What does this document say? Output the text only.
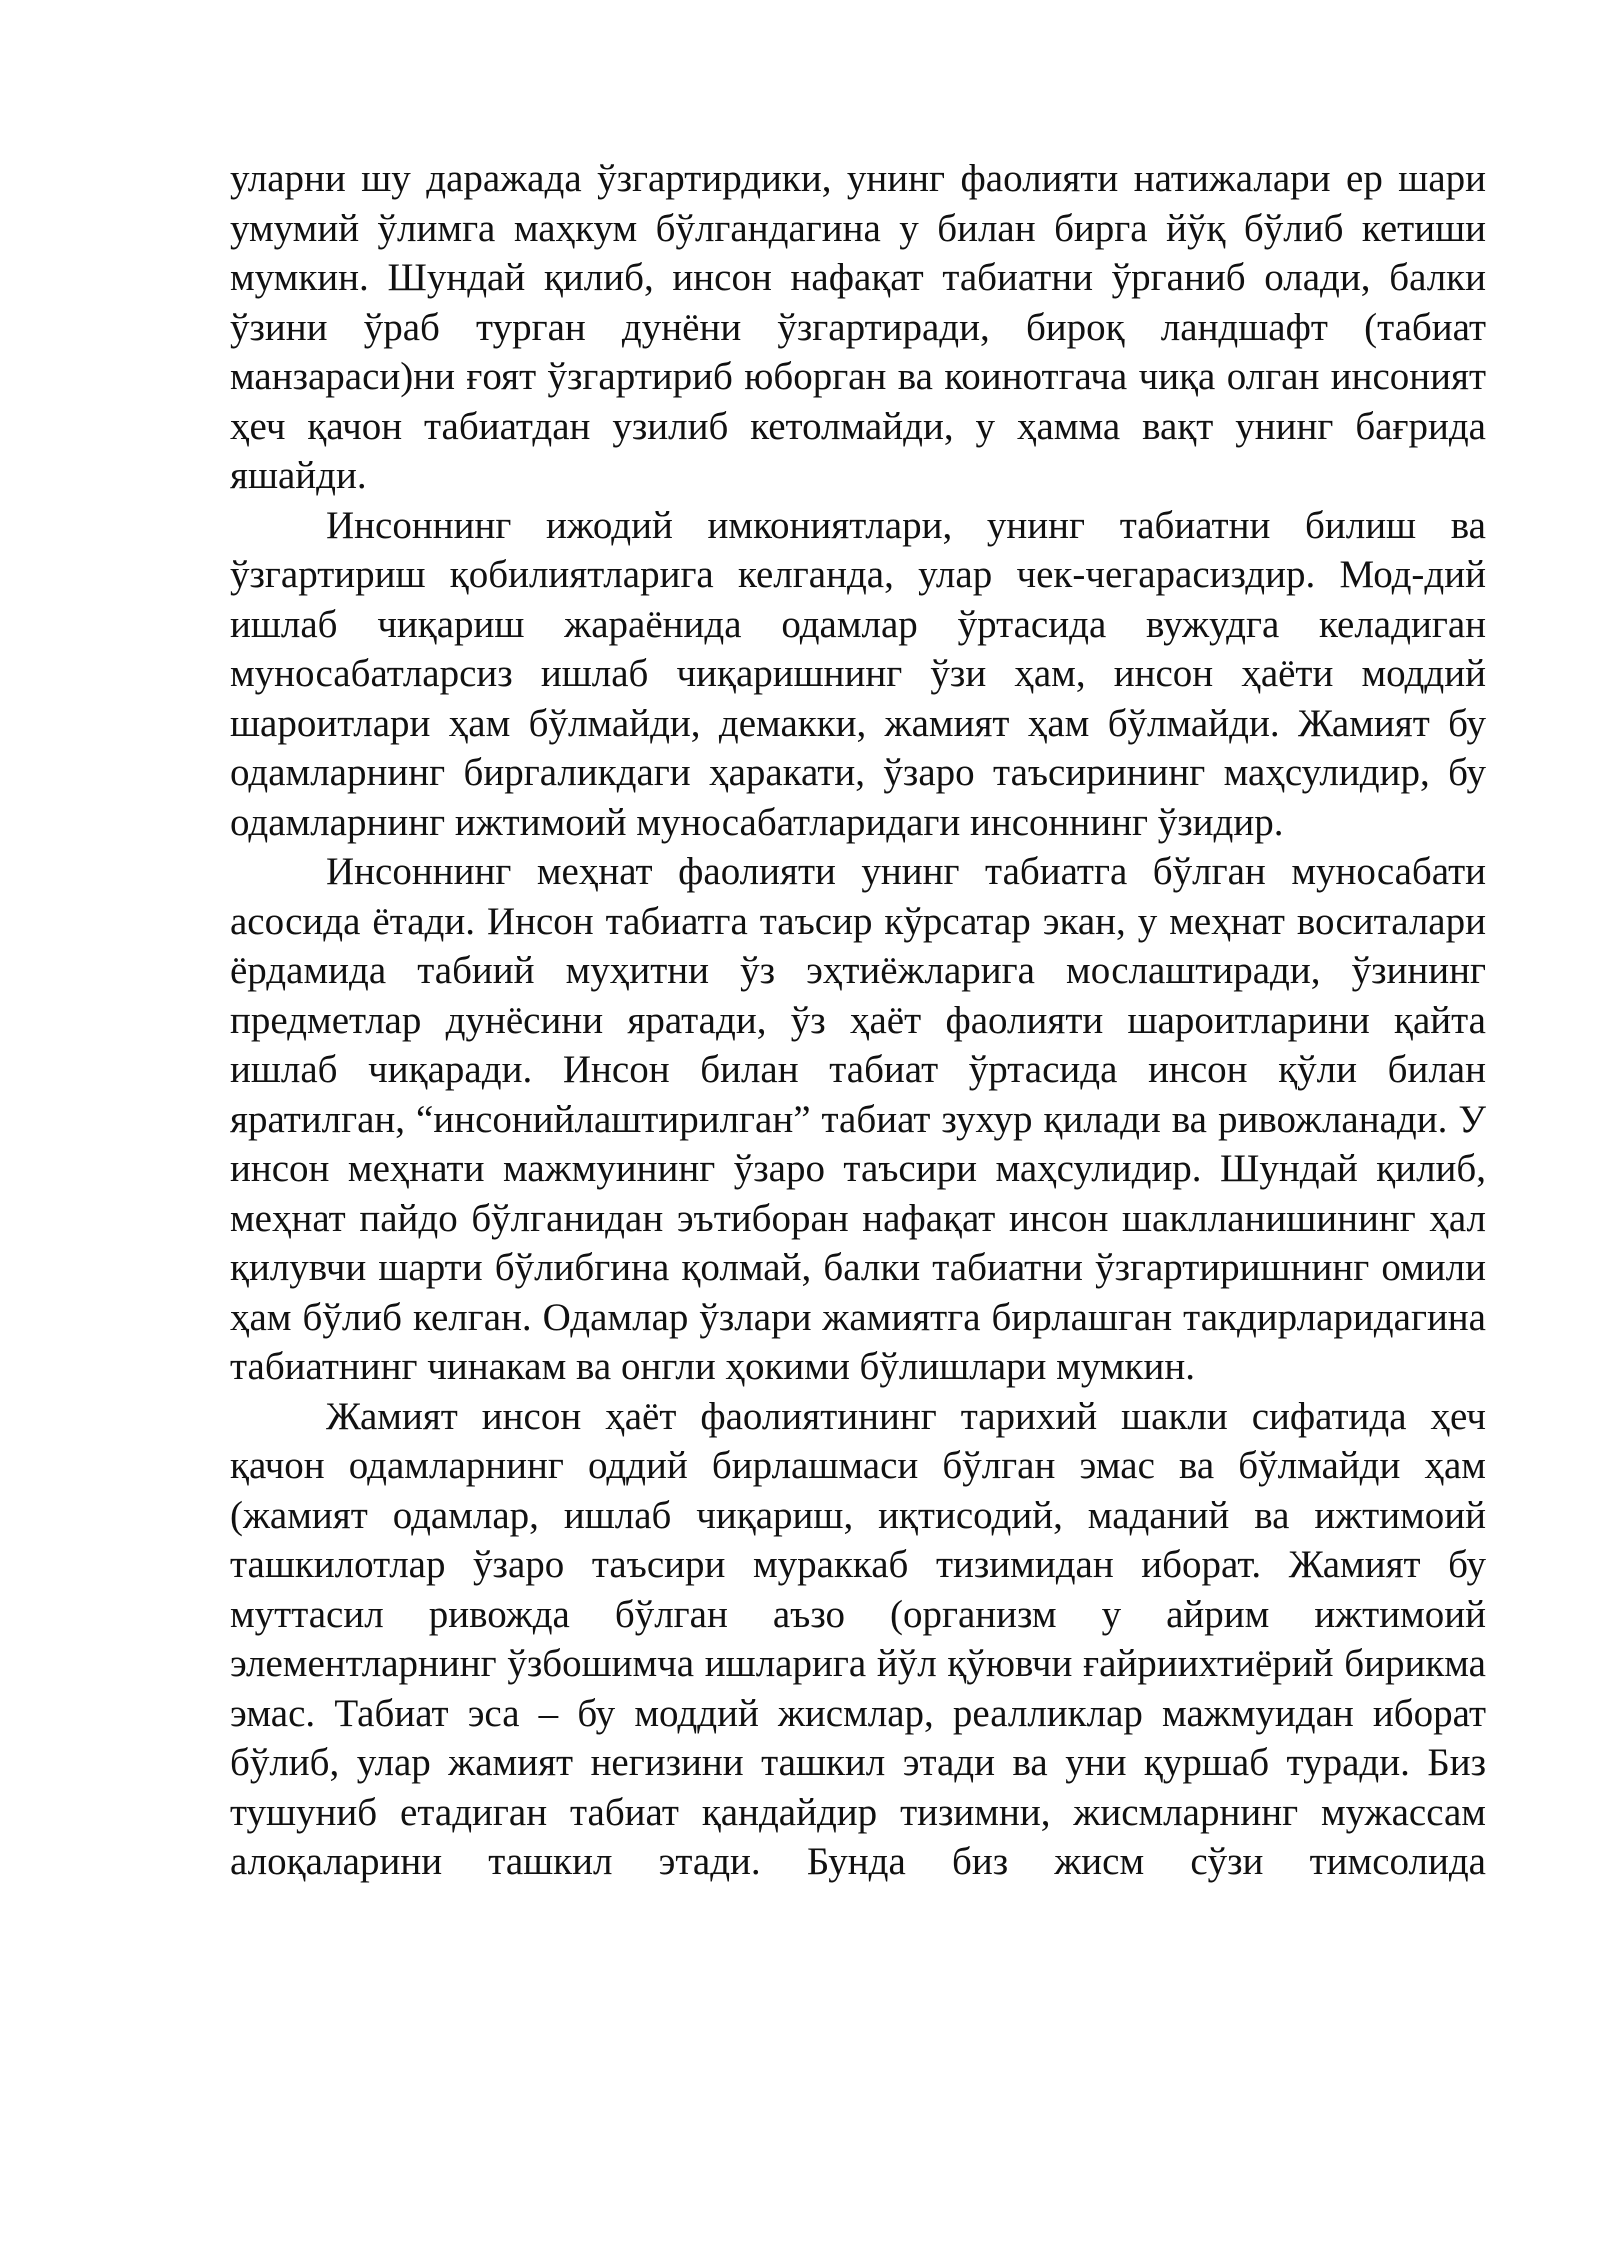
уларни шу даражада ўзгартирдики, унинг фаолияти натижалари ер шари умумий ўлимга маҳкум бўлгандагина у билан бирга йўқ бўлиб кетиши мумкин. Шундай қилиб, инсон нафақат табиатни ўрганиб олади, балки ўзини ўраб турган дунёни ўзгартиради, бироқ ландшафт (табиат манзараси)ни ғоят ўзгартириб юборган ва коинотгача чиқа олган инсоният ҳеч қачон табиатдан узилиб кетолмайди, у ҳамма вақт унинг бағрида яшайди.

Инсоннинг ижодий имкониятлари, унинг табиатни билиш ва ўзгартириш қобилиятларига келганда, улар чек-чегарасиздир. Мод-дий ишлаб чиқариш жараёнида одамлар ўртасида вужудга келадиган муносабатларсиз ишлаб чиқаришнинг ўзи ҳам, инсон ҳаёти моддий шароитлари ҳам бўлмайди, демакки, жамият ҳам бўлмайди. Жамият бу одамларнинг биргаликдаги ҳаракати, ўзаро таъсирининг маҳсулидир, бу одамларнинг ижтимоий муносабатларидаги инсоннинг ўзидир.

Инсоннинг меҳнат фаолияти унинг табиатга бўлган муносабати асосида ётади. Инсон табиатга таъсир кўрсатар экан, у меҳнат воситалари ёрдамида табиий муҳитни ўз эҳтиёжларига мослаштиради, ўзининг предметлар дунёсини яратади, ўз ҳаёт фаолияти шароитларини қайта ишлаб чиқаради. Инсон билан табиат ўртасида инсон қўли билан яратилган, “инсонийлаштирилган” табиат зухур қилади ва ривожланади. У инсон меҳнати мажмуининг ўзаро таъсири маҳсулидир. Шундай қилиб, меҳнат пайдо бўлганидан эътиборан нафақат инсон шаклланишининг ҳал қилувчи шарти бўлибгина қолмай, балки табиатни ўзгартиришнинг омили ҳам бўлиб келган. Одамлар ўзлари жамиятга бирлашган такдирларидагина табиатнинг чинакам ва онгли ҳокими бўлишлари мумкин.

Жамият инсон ҳаёт фаолиятининг тарихий шакли сифатида ҳеч қачон одамларнинг оддий бирлашмаси бўлган эмас ва бўлмайди ҳам (жамият одамлар, ишлаб чиқариш, иқтисодий, маданий ва ижтимоий ташкилотлар ўзаро таъсири мураккаб тизимидан иборат. Жамият бу муттасил ривожда бўлган аъзо (организм у айрим ижтимоий элементларнинг ўзбошимча ишларига йўл қўювчи ғайриихтиёрий бирикма эмас. Табиат эса – бу моддий жисмлар, реалликлар мажмуидан иборат бўлиб, улар жамият негизини ташкил этади ва уни қуршаб туради. Биз тушуниб етадиган табиат қандайдир тизимни, жисмларнинг мужассам алоқаларини ташкил этади. Бунда биз жисм сўзи тимсолида
